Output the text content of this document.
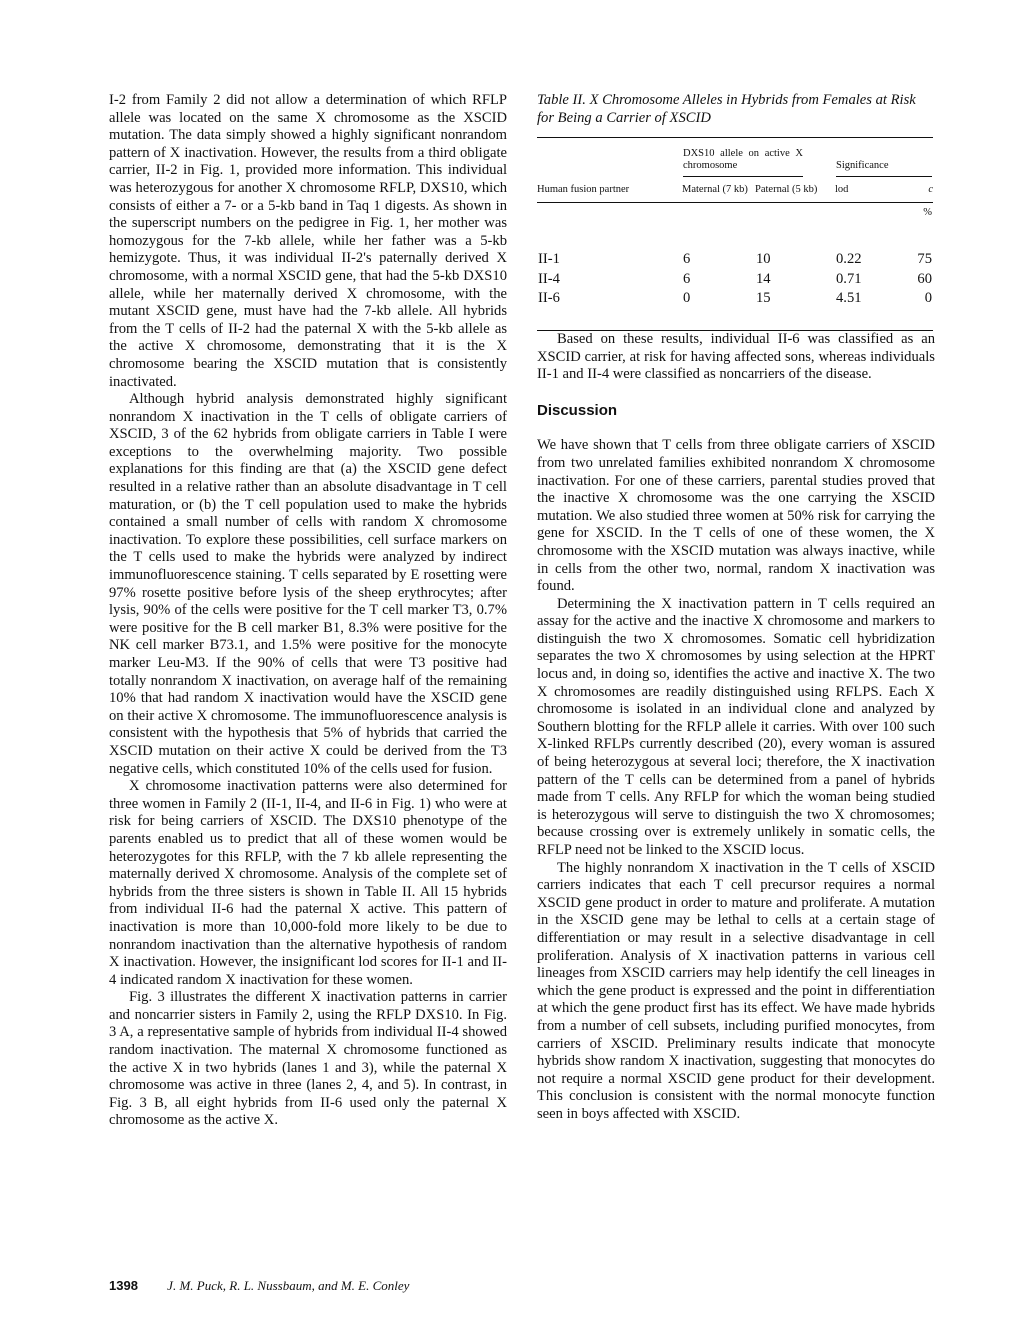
I-2 from Family 2 did not allow a determination of which RFLP allele was located on the same X chromosome as the XSCID mutation. The data simply showed a highly significant nonrandom pattern of X inactivation. However, the results from a third obligate carrier, II-2 in Fig. 1, provided more information. This individual was heterozygous for another X chromosome RFLP, DXS10, which consists of either a 7- or a 5-kb band in Taq 1 digests. As shown in the superscript numbers on the pedigree in Fig. 1, her mother was homozygous for the 7-kb allele, while her father was a 5-kb hemizygote. Thus, it was individual II-2's paternally derived X chromosome, with a normal XSCID gene, that had the 5-kb DXS10 allele, while her maternally derived X chromosome, with the mutant XSCID gene, must have had the 7-kb allele. All hybrids from the T cells of II-2 had the paternal X with the 5-kb allele as the active X chromosome, demonstrating that it is the X chromosome bearing the XSCID mutation that is consistently inactivated.

Although hybrid analysis demonstrated highly significant nonrandom X inactivation in the T cells of obligate carriers of XSCID, 3 of the 62 hybrids from obligate carriers in Table I were exceptions to the overwhelming majority. Two possible explanations for this finding are that (a) the XSCID gene defect resulted in a relative rather than an absolute disadvantage in T cell maturation, or (b) the T cell population used to make the hybrids contained a small number of cells with random X chromosome inactivation. To explore these possibilities, cell surface markers on the T cells used to make the hybrids were analyzed by indirect immunofluorescence staining. T cells separated by E rosetting were 97% rosette positive before lysis of the sheep erythrocytes; after lysis, 90% of the cells were positive for the T cell marker T3, 0.7% were positive for the B cell marker B1, 8.3% were positive for the NK cell marker B73.1, and 1.5% were positive for the monocyte marker Leu-M3. If the 90% of cells that were T3 positive had totally nonrandom X inactivation, on average half of the remaining 10% that had random X inactivation would have the XSCID gene on their active X chromosome. The immunofluorescence analysis is consistent with the hypothesis that 5% of hybrids that carried the XSCID mutation on their active X could be derived from the T3 negative cells, which constituted 10% of the cells used for fusion.

X chromosome inactivation patterns were also determined for three women in Family 2 (II-1, II-4, and II-6 in Fig. 1) who were at risk for being carriers of XSCID. The DXS10 phenotype of the parents enabled us to predict that all of these women would be heterozygotes for this RFLP, with the 7 kb allele representing the maternally derived X chromosome. Analysis of the complete set of hybrids from the three sisters is shown in Table II. All 15 hybrids from individual II-6 had the paternal X active. This pattern of inactivation is more than 10,000-fold more likely to be due to nonrandom inactivation than the alternative hypothesis of random X inactivation. However, the insignificant lod scores for II-1 and II-4 indicated random X inactivation for these women.

Fig. 3 illustrates the different X inactivation patterns in carrier and noncarrier sisters in Family 2, using the RFLP DXS10. In Fig. 3 A, a representative sample of hybrids from individual II-4 showed random inactivation. The maternal X chromosome functioned as the active X in two hybrids (lanes 1 and 3), while the paternal X chromosome was active in three (lanes 2, 4, and 5). In contrast, in Fig. 3 B, all eight hybrids from II-6 used only the paternal X chromosome as the active X.

Table II. X Chromosome Alleles in Hybrids from Females at Risk for Being a Carrier of XSCID

	DXS10 allele on active X chromosome		Significance	

Human fusion partner	Maternal (7 kb)	Paternal (5 kb)	lod	c
				%

II-1	6	10	0.22	75
II-4	6	14	0.71	60
II-6	0	15	4.51	0

Based on these results, individual II-6 was classified as an XSCID carrier, at risk for having affected sons, whereas individuals II-1 and II-4 were classified as noncarriers of the disease.

Discussion

We have shown that T cells from three obligate carriers of XSCID from two unrelated families exhibited nonrandom X chromosome inactivation. For one of these carriers, parental studies proved that the inactive X chromosome was the one carrying the XSCID mutation. We also studied three women at 50% risk for carrying the gene for XSCID. In the T cells of one of these women, the X chromosome with the XSCID mutation was always inactive, while in cells from the other two, normal, random X inactivation was found.

Determining the X inactivation pattern in T cells required an assay for the active and the inactive X chromosome and markers to distinguish the two X chromosomes. Somatic cell hybridization separates the two X chromosomes by using selection at the HPRT locus and, in doing so, identifies the active and inactive X. The two X chromosomes are readily distinguished using RFLPS. Each X chromosome is isolated in an individual clone and analyzed by Southern blotting for the RFLP allele it carries. With over 100 such X-linked RFLPs currently described (20), every woman is assured of being heterozygous at several loci; therefore, the X inactivation pattern of the T cells can be determined from a panel of hybrids made from T cells. Any RFLP for which the woman being studied is heterozygous will serve to distinguish the two X chromosomes; because crossing over is extremely unlikely in somatic cells, the RFLP need not be linked to the XSCID locus.

The highly nonrandom X inactivation in the T cells of XSCID carriers indicates that each T cell precursor requires a normal XSCID gene product in order to mature and proliferate. A mutation in the XSCID gene may be lethal to cells at a certain stage of differentiation or may result in a selective disadvantage in cell proliferation. Analysis of X inactivation patterns in various cell lineages from XSCID carriers may help identify the cell lineages in which the gene product is expressed and the point in differentiation at which the gene product first has its effect. We have made hybrids from a number of cell subsets, including purified monocytes, from carriers of XSCID. Preliminary results indicate that monocyte hybrids show random X inactivation, suggesting that monocytes do not require a normal XSCID gene product for their development. This conclusion is consistent with the normal monocyte function seen in boys affected with XSCID.

1398 J. M. Puck, R. L. Nussbaum, and M. E. Conley
